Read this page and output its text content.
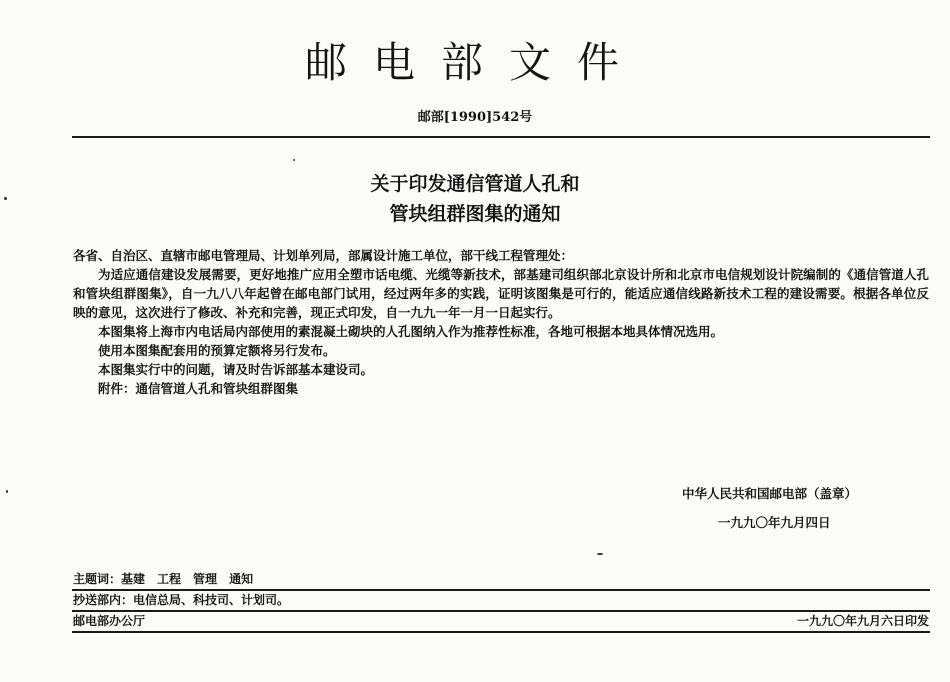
邮电部文件
邮部[1990]542号
关于印发通信管道人孔和
管块组群图集的通知

各省、自治区、直辖市邮电管理局、计划单列局，部属设计施工单位，部干线工程管理处：

为适应通信建设发展需要，更好地推广应用全塑市话电缆、光缆等新技术，部基建司组织部北京设计所和北京市电信规划设计院编制的《通信管道人孔和管块组群图集》，自一九八八年起曾在邮电部门试用，经过两年多的实践，证明该图集是可行的，能适应通信线路新技术工程的建设需要。根据各单位反映的意见，这次进行了修改、补充和完善，现正式印发，自一九九一年一月一日起实行。

本图集将上海市内电话局内部使用的素混凝土砌块的人孔图纳入作为推荐性标准，各地可根据本地具体情况选用。

使用本图集配套用的预算定额将另行发布。

本图集实行中的问题，请及时告诉部基本建设司。

附件：通信管道人孔和管块组群图集

中华人民共和国邮电部（盖章）
一九九〇年九月四日
主题词：基建 工程 管理 通知
抄送部内：电信总局、科技司、计划司。
邮电部办公厅	一九九〇年九月六日印发
